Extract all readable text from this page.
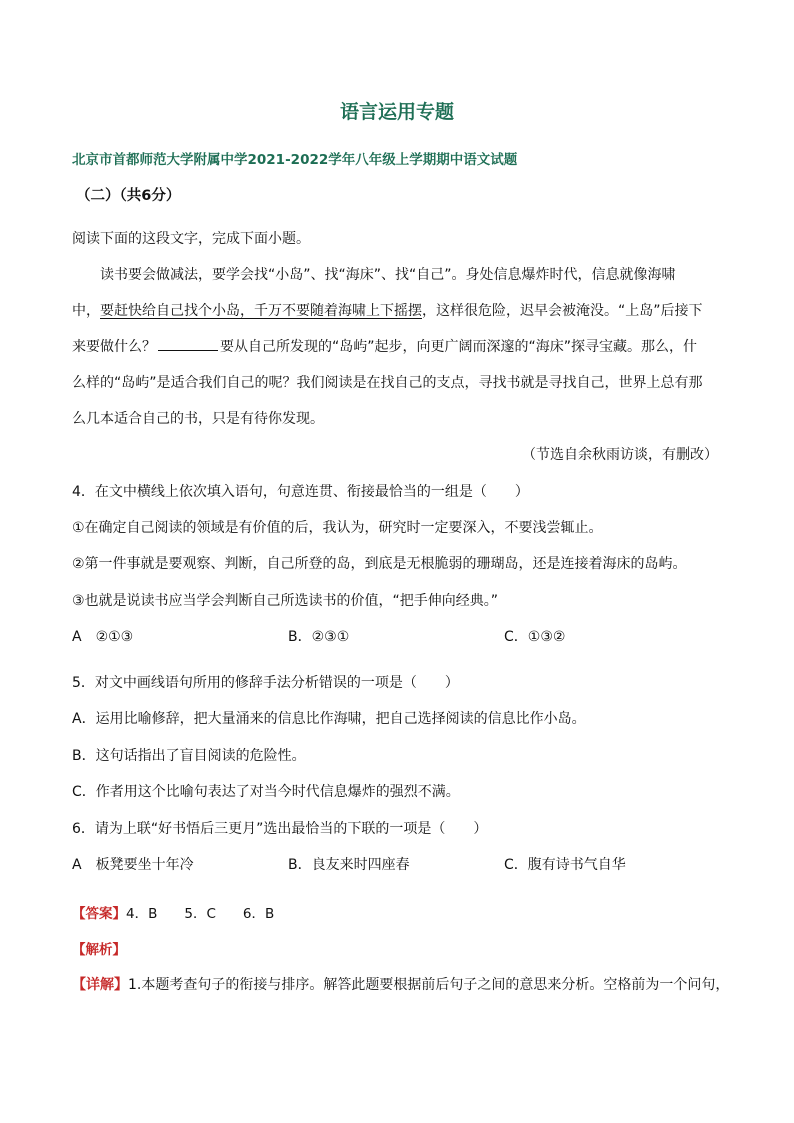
语言运用专题
北京市首都师范大学附属中学2021-2022学年八年级上学期期中语文试题
（二）（共6分）
阅读下面的这段文字，完成下面小题。
读书要会做减法，要学会找“小岛”、找“海床”、找“自己”。身处信息爆炸时代，信息就像海啸
中，要赶快给自己找个小岛，千万不要随着海啸上下摇摆，这样很危险，迟早会被淹没。“上岛”后接下
来要做什么？	要从自己所发现的“岛屿”起步，向更广阔而深邃的“海床”探寻宝藏。那么，什
么样的“岛屿”是适合我们自己的呢？我们阅读是在找自己的支点，寻找书就是寻找自己，世界上总有那
么几本适合自己的书，只是有待你发现。
（节选自余秋雨访谈，有删改）
4．在文中横线上依次填入语句，句意连贯、衔接最恰当的一组是（　　）
①在确定自己阅读的领域是有价值的后，我认为，研究时一定要深入，不要浅尝辄止。
②第一件事就是要观察、判断，自己所登的岛，到底是无根脆弱的珊瑚岛，还是连接着海床的岛屿。
③也就是说读书应当学会判断自己所选读书的价值，“把手伸向经典。”
A　②①③	B．②③①	C．①③②
5．对文中画线语句所用的修辞手法分析错误的一项是（　　）
A．运用比喻修辞，把大量涌来的信息比作海啸，把自己选择阅读的信息比作小岛。
B．这句话指出了盲目阅读的危险性。
C．作者用这个比喻句表达了对当今时代信息爆炸的强烈不满。
6．请为上联“好书悟后三更月”选出最恰当的下联的一项是（　　）
A　板凳要坐十年冷	B．良友来时四座春	C．腹有诗书气自华
【答案】4．B　　5．C　　6．B
【解析】
【详解】1.本题考查句子的衔接与排序。解答此题要根据前后句子之间的意思来分析。空格前为一个问句，
